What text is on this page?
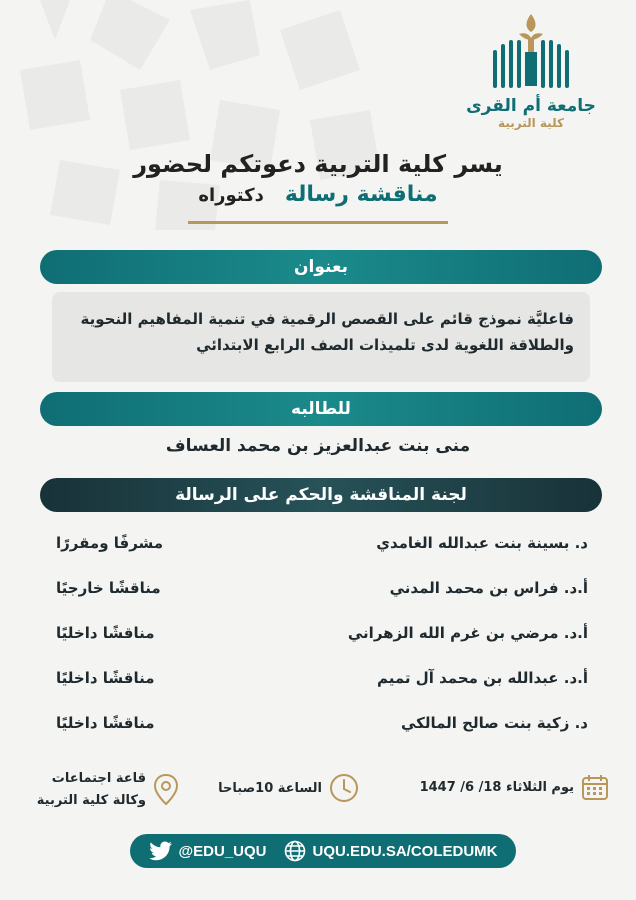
جامعة أم القرى
كلية التربية
يسر كلية التربية دعوتكم لحضور
مناقشة رسالة دكتوراه
بعنوان
فاعليَّة نموذج قائم على القصص الرقمية في تنمية المفاهيم النحوية والطلاقة اللغوية لدى تلميذات الصف الرابع الابتدائي
للطالبه
منى بنت عبدالعزيز بن محمد العساف
لجنة المناقشة والحكم على الرسالة
د. بسينة بنت عبدالله الغامدي
مشرفًا ومقررًا
أ.د. فراس بن محمد المدني
مناقشًا خارجيًا
أ.د. مرضي بن غرم الله الزهراني
مناقشًا داخليًا
أ.د. عبدالله بن محمد آل تميم
مناقشًا داخليًا
د. زكية بنت صالح المالكي
مناقشًا داخليًا
يوم الثلاثاء 18/ 6/ 1447
الساعة 10صباحا
قاعة اجتماعات
وكالة كلية التربية
@EDU_UQU	UQU.EDU.SA/COLEDUMK
